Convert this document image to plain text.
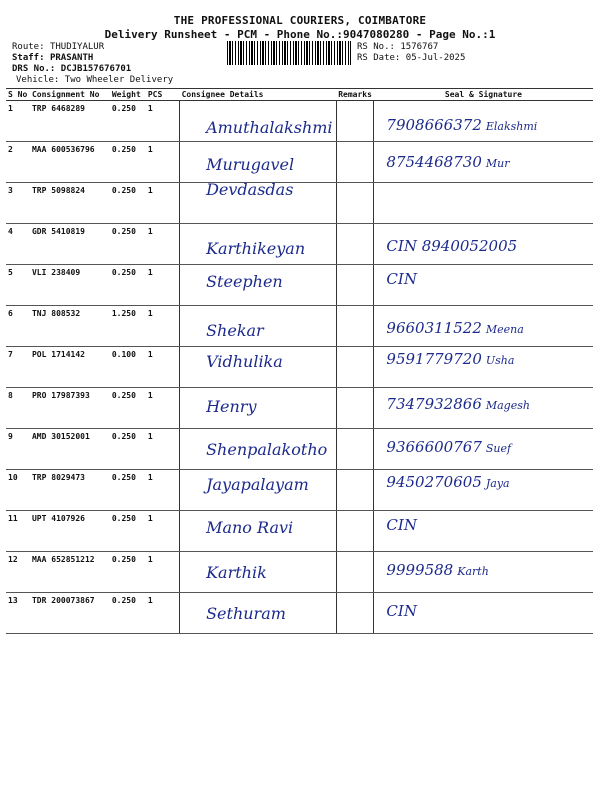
THE PROFESSIONAL COURIERS, COIMBATORE
Delivery Runsheet - PCM - Phone No.:9047080280 - Page No.:1
Route: THUDIYALUR
Staff: PRASANTH
DRS No.: DCJB157676701
Vehicle: Two Wheeler Delivery
RS No.: 1576767
RS Date: 05-Jul-2025
S No	Consignment No	Weight	PCS	Consignee Details	Remarks	Seal & Signature
1	TRP 6468289	0.250	1	Amuthalakshmi		7908666372 Elakshmi

2	MAA 600536796	0.250	1	Murugavel		8754468730 Mur

3	TRP 5098824	0.250	1	Devdasdas		

4	GDR 5410819	0.250	1	Karthikeyan		CIN 8940052005

5	VLI 238409	0.250	1	Steephen		CIN

6	TNJ 808532	1.250	1	Shekar		9660311522 Meena

7	POL 1714142	0.100	1	Vidhulika		9591779720 Usha

8	PRO 17987393	0.250	1	Henry		7347932866 Magesh

9	AMD 30152001	0.250	1	Shenpalakotho		9366600767 Suef

10	TRP 8029473	0.250	1	Jayapalayam		9450270605 Jaya

11	UPT 4107926	0.250	1	Mano Ravi		CIN

12	MAA 652851212	0.250	1	Karthik		9999588 Karth

13	TDR 200073867	0.250	1	Sethuram		CIN
